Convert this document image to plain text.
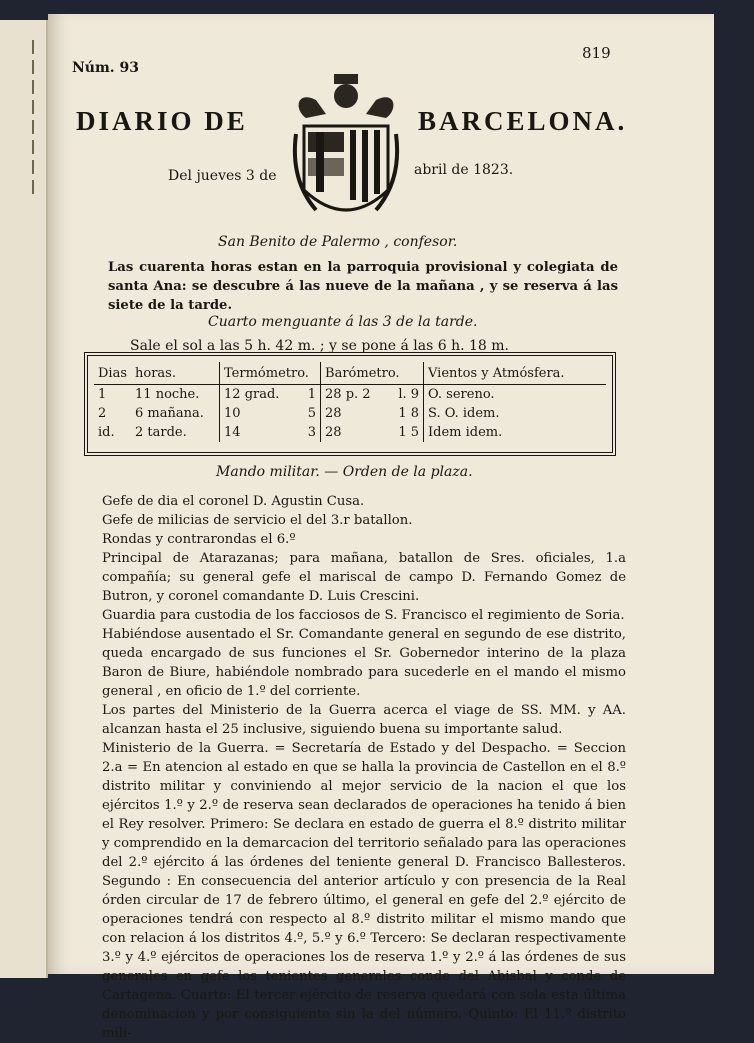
Núm. 93
819
DIARIO DE	BARCELONA.
Del jueves 3 de	abril de 1823.
San Benito de Palermo , confesor.
Las cuarenta horas estan en la parroquia provisional y colegiata de santa Ana: se descubre á las nueve de la mañana , y se reserva á las siete de la tarde.
Cuarto menguante á las 3 de la tarde.
Sale el sol a las 5 h. 42 m. ; y se pone á las 6 h. 18 m.
Dias	horas.	Termómetro.	Barómetro.	Vientos y Atmósfera.
1	11 noche.	12 grad. 1	28 p. 2 l. 9	O. sereno.
2	6 mañana.	10 5	28 1 8	S. O. idem.
id.	2 tarde.	14 3	28 1 5	Idem idem.
Mando militar. — Orden de la plaza.

Gefe de dia el coronel D. Agustin Cusa.

Gefe de milicias de servicio el del 3.r batallon.

Rondas y contrarondas el 6.º

Principal de Atarazanas; para mañana, batallon de Sres. oficiales, 1.a compañía; su general gefe el mariscal de campo D. Fernando Gomez de Butron, y coronel comandante D. Luis Crescini.

Guardia para custodia de los facciosos de S. Francisco el regimiento de Soria.

Habiéndose ausentado el Sr. Comandante general en segundo de ese distrito, queda encargado de sus funciones el Sr. Gobernedor interino de la plaza Baron de Biure, habiéndole nombrado para sucederle en el mando el mismo general , en oficio de 1.º del corriente.

Los partes del Ministerio de la Guerra acerca el viage de SS. MM. y AA. alcanzan hasta el 25 inclusive, siguiendo buena su importante salud.

Ministerio de la Guerra. = Secretaría de Estado y del Despacho. = Seccion 2.a = En atencion al estado en que se halla la provincia de Castellon en el 8.º distrito militar y conviniendo al mejor servicio de la nacion el que los ejércitos 1.º y 2.º de reserva sean declarados de operaciones ha tenido á bien el Rey resolver. Primero: Se declara en estado de guerra el 8.º distrito militar y comprendido en la demarcacion del territorio señalado para las operaciones del 2.º ejército á las órdenes del teniente general D. Francisco Ballesteros. Segundo : En consecuencia del anterior artículo y con presencia de la Real órden circular de 17 de febrero último, el general en gefe del 2.º ejército de operaciones tendrá con respecto al 8.º distrito militar el mismo mando que con relacion á los distritos 4.º, 5.º y 6.º Tercero: Se declaran respectivamente 3.º y 4.º ejércitos de operaciones los de reserva 1.º y 2.º á las órdenes de sus generales en gefe los tenientes generales conde del Abisbal y conde de Cartagena. Cuarto: El tercer ejército de reserva quedará con sola esta última denominacion y por consiguiente sin la del número. Quinto: El 11.º distrito mili-
